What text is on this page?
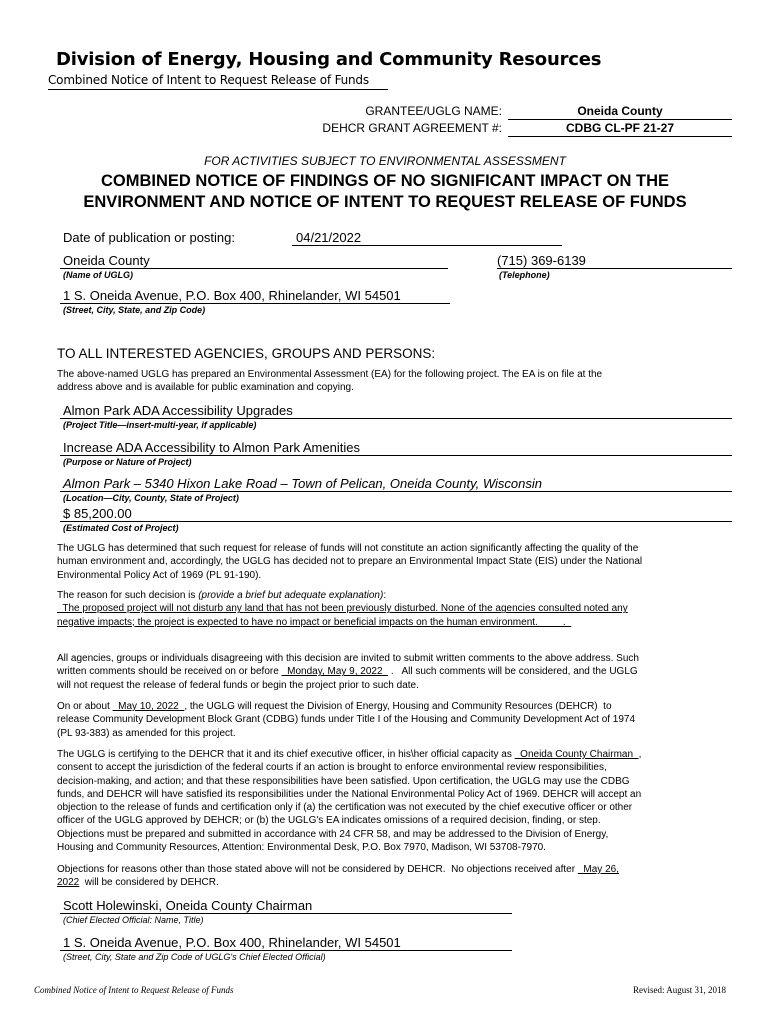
Division of Energy, Housing and Community Resources
Combined Notice of Intent to Request Release of Funds
GRANTEE/UGLG NAME:	Oneida County
DEHCR GRANT AGREEMENT #:	CDBG CL-PF 21-27
FOR ACTIVITIES SUBJECT TO ENVIRONMENTAL ASSESSMENT
COMBINED NOTICE OF FINDINGS OF NO SIGNIFICANT IMPACT ON THE
ENVIRONMENT AND NOTICE OF INTENT TO REQUEST RELEASE OF FUNDS
Date of publication or posting:	04/21/2022
Oneida County
(Name of UGLG)
(715) 369-6139
(Telephone)
1 S. Oneida Avenue, P.O. Box 400, Rhinelander, WI 54501
(Street, City, State, and Zip Code)
TO ALL INTERESTED AGENCIES, GROUPS AND PERSONS:
The above-named UGLG has prepared an Environmental Assessment (EA) for the following project. The EA is on file at the
address above and is available for public examination and copying.
Almon Park ADA Accessibility Upgrades
(Project Title—insert-multi-year, if applicable)
Increase ADA Accessibility to Almon Park Amenities
(Purpose or Nature of Project)
Almon Park – 5340 Hixon Lake Road – Town of Pelican, Oneida County, Wisconsin
(Location—City, County, State of Project)
$ 85,200.00
(Estimated Cost of Project)
The UGLG has determined that such request for release of funds will not constitute an action significantly affecting the quality of the
human environment and, accordingly, the UGLG has decided not to prepare an Environmental Impact State (EIS) under the National
Environmental Policy Act of 1969 (PL 91-190).
The reason for such decision is (provide a brief but adequate explanation):
The proposed project will not disturb any land that has not been previously disturbed. None of the agencies consulted noted any
negative impacts; the project is expected to have no impact or beneficial impacts on the human environment.         .
All agencies, groups or individuals disagreeing with this decision are invited to submit written comments to the above address. Such
written comments should be received on or before   Monday, May 9, 2022   .   All such comments will be considered, and the UGLG
will not request the release of federal funds or begin the project prior to such date.
On or about   May 10, 2022  , the UGLG will request the Division of Energy, Housing and Community Resources (DEHCR)  to
release Community Development Block Grant (CDBG) funds under Title I of the Housing and Community Development Act of 1974
(PL 93-383) as amended for this project.
The UGLG is certifying to the DEHCR that it and its chief executive officer, in his\her official capacity as   Oneida County Chairman  ,
consent to accept the jurisdiction of the federal courts if an action is brought to enforce environmental review responsibilities,
decision-making, and action; and that these responsibilities have been satisfied. Upon certification, the UGLG may use the CDBG
funds, and DEHCR will have satisfied its responsibilities under the National Environmental Policy Act of 1969. DEHCR will accept an
objection to the release of funds and certification only if (a) the certification was not executed by the chief executive officer or other
officer of the UGLG approved by DEHCR; or (b) the UGLG's EA indicates omissions of a required decision, finding, or step.
Objections must be prepared and submitted in accordance with 24 CFR 58, and may be addressed to the Division of Energy,
Housing and Community Resources, Attention: Environmental Desk, P.O. Box 7970, Madison, WI 53708-7970.
Objections for reasons other than those stated above will not be considered by DEHCR.  No objections received after   May 26,
2022  will be considered by DEHCR.
Scott Holewinski, Oneida County Chairman
(Chief Elected Official: Name, Title)
1 S. Oneida Avenue, P.O. Box 400, Rhinelander, WI 54501
(Street, City, State and Zip Code of UGLG's Chief Elected Official)
Combined Notice of Intent to Request Release of Funds	Revised: August 31, 2018
